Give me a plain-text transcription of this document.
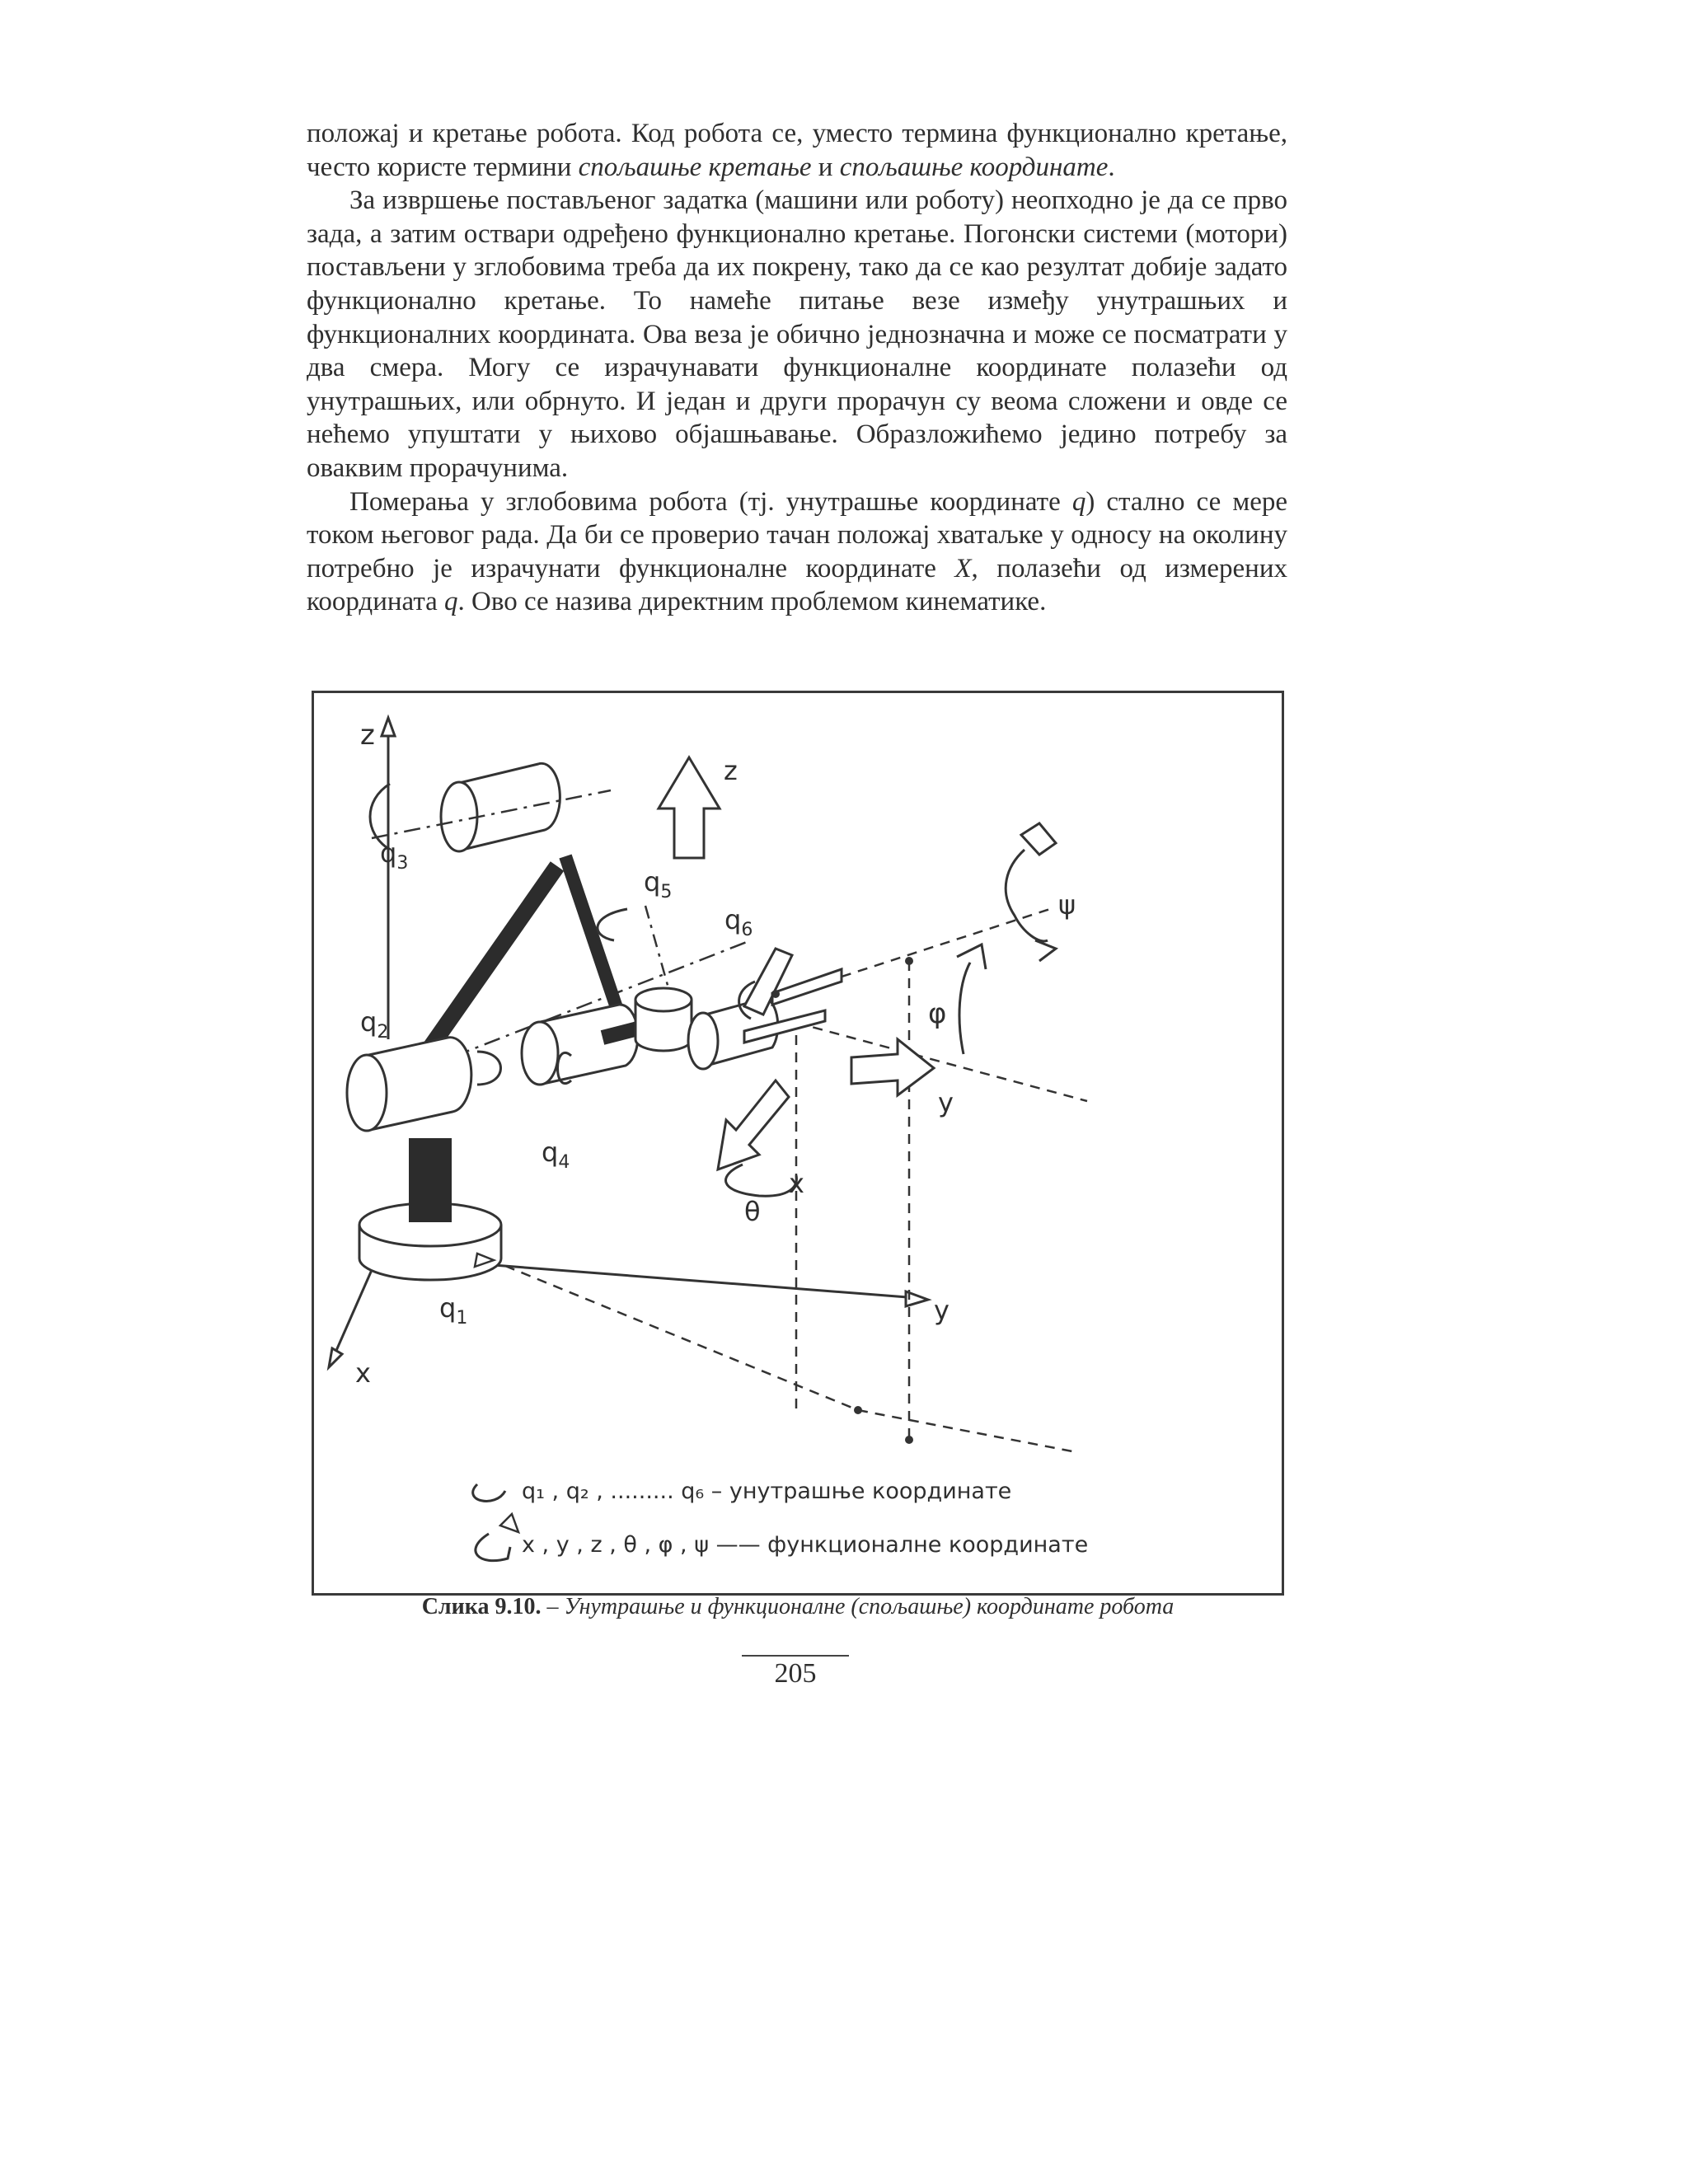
положај и кретање робота. Код робота се, уместо термина функционално кретање, често користе термини спољашње кретање и спољашње координате.

За извршење постављеног задатка (машини или роботу) неопходно је да се прво зада, а затим оствари одређено функционално кретање. Погонски системи (мотори) постављени у зглобовима треба да их покрену, тако да се као резултат добије задато функционално кретање. То намеће питање везе између унутрашњих и функционалних координата. Ова веза је обично једнозначна и може се посматрати у два смера. Могу се израчунавати функционалне координате полазећи од унутрашњих, или обрнуто. И један и други прорачун су веома сложени и овде се нећемо упуштати у њихово објашњавање. Образложићемо једино потребу за оваквим прорачунима.

Померања у зглобовима робота (тј. унутрашње координате q) стално се мере током његовог рада. Да би се проверио тачан положај хватаљке у односу на околину потребно је израчунати функционалне координате X, полазећи од измерених координата q. Ово се назива директним проблемом кинематике.

z
x
y
z
y
x
ψ
φ
$q_3$
$q_2$
$q_4$
$q_5$
$q_6$
$q_1$
θ
q₁ , q₂ , ......... q₆ – унутрашње координате
x , y , z , θ , φ , ψ —— функционалне координате
Слика 9.10. – Унутрашње и функционалне (спољашње) координате робота
205
